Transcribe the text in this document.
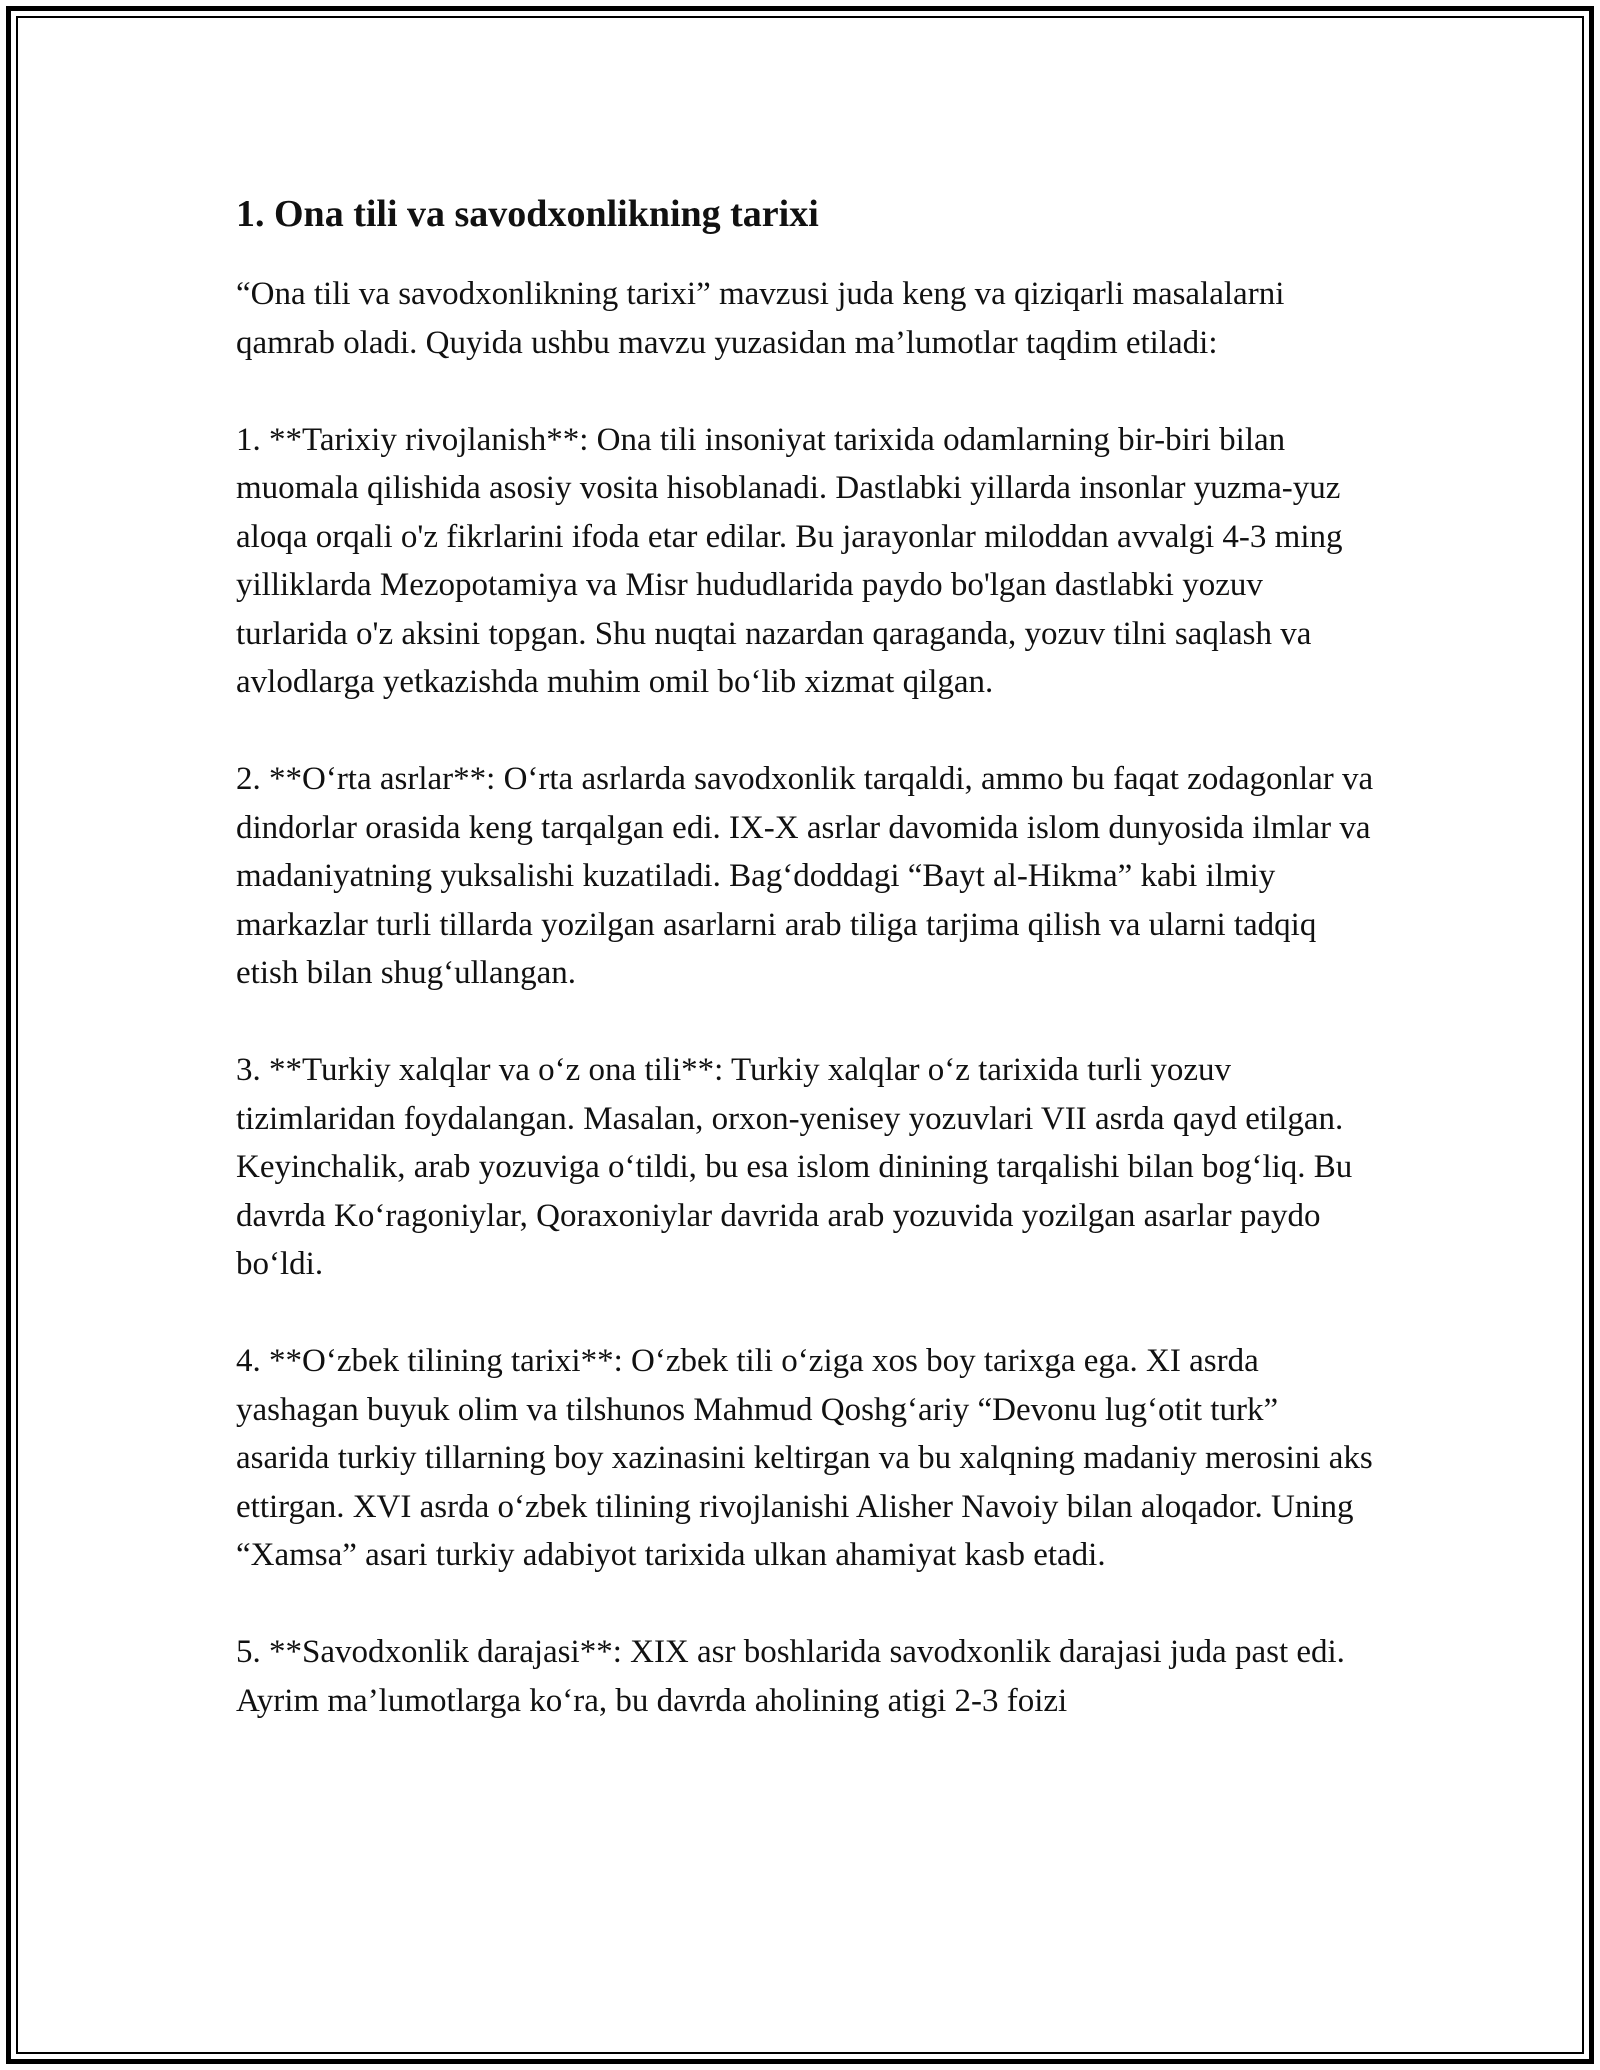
1. Ona tili va savodxonlikning tarixi

“Ona tili va savodxonlikning tarixi” mavzusi juda keng va qiziqarli masalalarni qamrab oladi. Quyida ushbu mavzu yuzasidan ma’lumotlar taqdim etiladi:

1. **Tarixiy rivojlanish**: Ona tili insoniyat tarixida odamlarning bir-biri bilan muomala qilishida asosiy vosita hisoblanadi. Dastlabki yillarda insonlar yuzma-yuz aloqa orqali o'z fikrlarini ifoda etar edilar. Bu jarayonlar miloddan avvalgi 4-3 ming yilliklarda Mezopotamiya va Misr hududlarida paydo bo'lgan dastlabki yozuv turlarida o'z aksini topgan. Shu nuqtai nazardan qaraganda, yozuv tilni saqlash va avlodlarga yetkazishda muhim omil bo‘lib xizmat qilgan.

2. **O‘rta asrlar**: O‘rta asrlarda savodxonlik tarqaldi, ammo bu faqat zodagonlar va dindorlar orasida keng tarqalgan edi. IX-X asrlar davomida islom dunyosida ilmlar va madaniyatning yuksalishi kuzatiladi. Bag‘doddagi “Bayt al-Hikma” kabi ilmiy markazlar turli tillarda yozilgan asarlarni arab tiliga tarjima qilish va ularni tadqiq etish bilan shug‘ullangan.

3. **Turkiy xalqlar va o‘z ona tili**: Turkiy xalqlar o‘z tarixida turli yozuv tizimlaridan foydalangan. Masalan, orxon-yenisey yozuvlari VII asrda qayd etilgan. Keyinchalik, arab yozuviga o‘tildi, bu esa islom dinining tarqalishi bilan bog‘liq. Bu davrda Ko‘ragoniylar, Qoraxoniylar davrida arab yozuvida yozilgan asarlar paydo bo‘ldi.

4. **O‘zbek tilining tarixi**: O‘zbek tili o‘ziga xos boy tarixga ega. XI asrda yashagan buyuk olim va tilshunos Mahmud Qoshg‘ariy “Devonu lug‘otit turk” asarida turkiy tillarning boy xazinasini keltirgan va bu xalqning madaniy merosini aks ettirgan. XVI asrda o‘zbek tilining rivojlanishi Alisher Navoiy bilan aloqador. Uning “Xamsa” asari turkiy adabiyot tarixida ulkan ahamiyat kasb etadi.

5. **Savodxonlik darajasi**: XIX asr boshlarida savodxonlik darajasi juda past edi. Ayrim ma’lumotlarga ko‘ra, bu davrda aholining atigi 2-3 foizi
